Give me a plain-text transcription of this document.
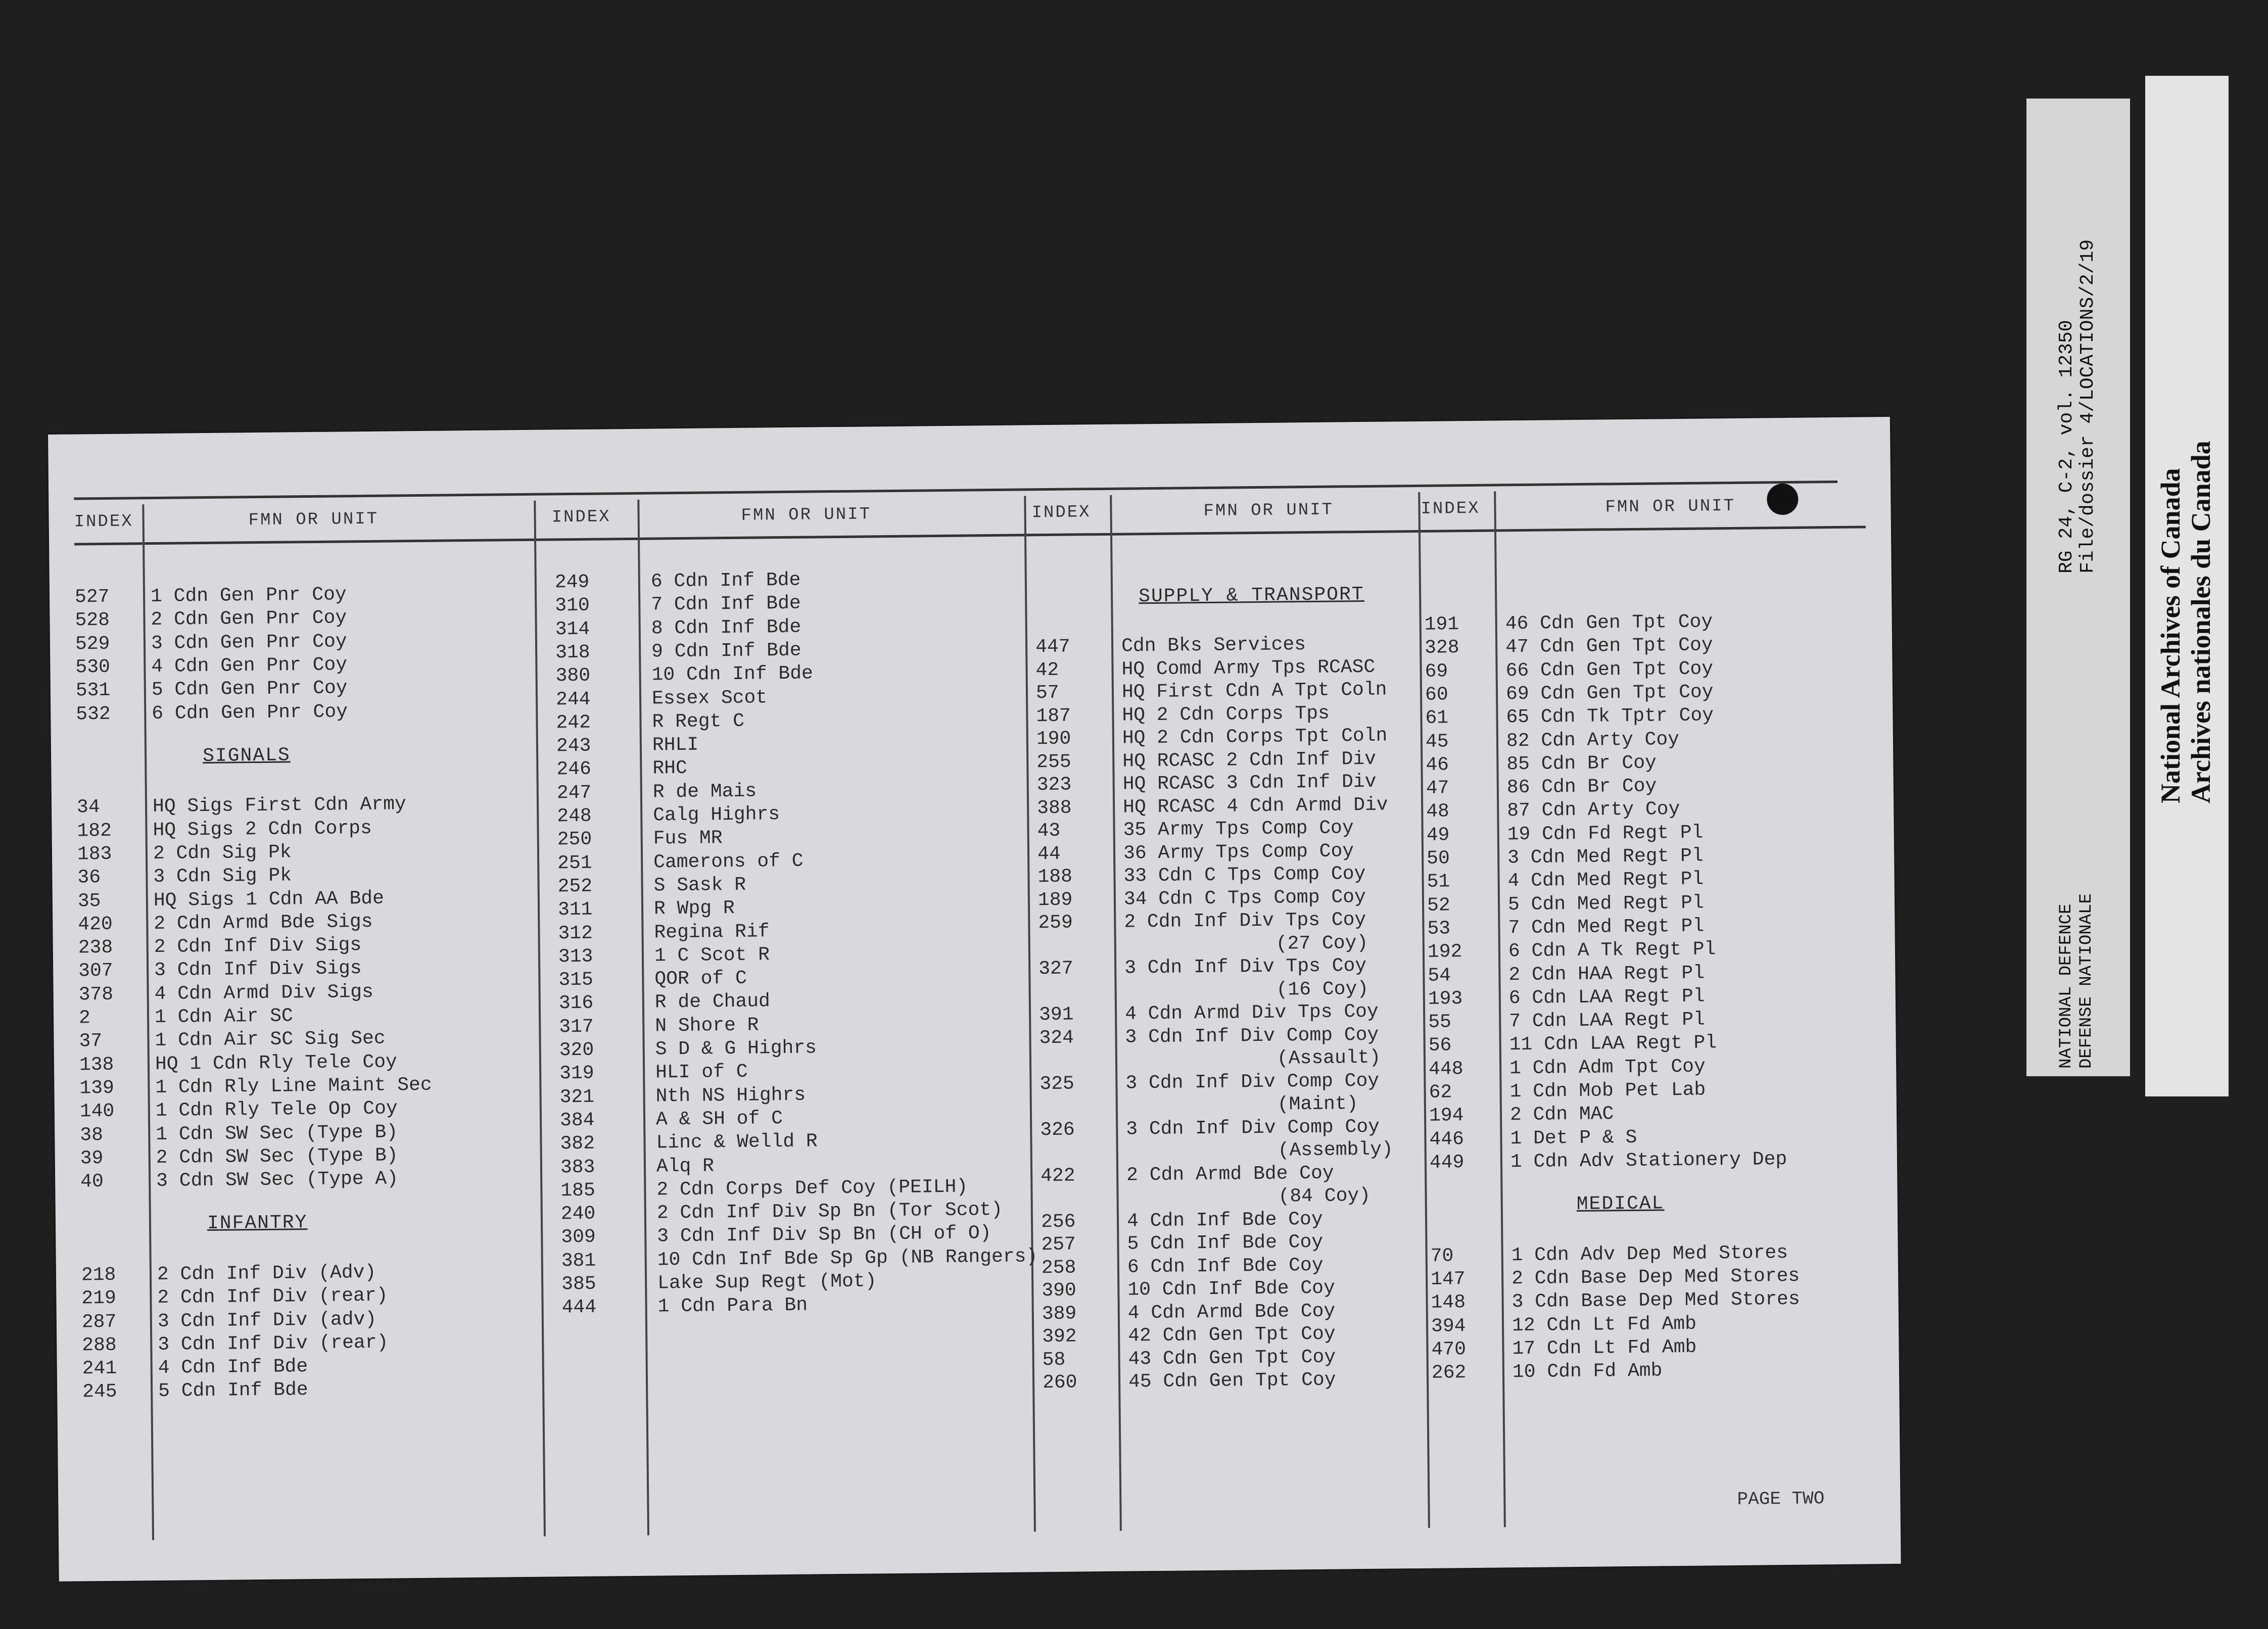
INDEX	FMN OR UNIT	INDEX	FMN OR UNIT	INDEX	FMN OR UNIT	INDEX	FMN OR UNIT
527 1 Cdn Gen Pnr Coy
528 2 Cdn Gen Pnr Coy
529 3 Cdn Gen Pnr Coy
530 4 Cdn Gen Pnr Coy
531 5 Cdn Gen Pnr Coy
532 6 Cdn Gen Pnr Coy
SIGNALS
34	HQ Sigs First Cdn Army
182 HQ Sigs 2 Cdn Corps
183 2 Cdn Sig Pk
36	3 Cdn Sig Pk
35	HQ Sigs 1 Cdn AA Bde
420 2 Cdn Armd Bde Sigs
238 2 Cdn Inf Div Sigs
307 3 Cdn Inf Div Sigs
378 4 Cdn Armd Div Sigs
2	1 Cdn Air SC
37	1 Cdn Air SC Sig Sec
138 HQ 1 Cdn Rly Tele Coy
139 1 Cdn Rly Line Maint Sec
140 1 Cdn Rly Tele Op Coy
38	1 Cdn SW Sec (Type B)
39	2 Cdn SW Sec (Type B)
40	3 Cdn SW Sec (Type A)
INFANTRY
218 2 Cdn Inf Div (Adv)
219 2 Cdn Inf Div (rear)
287 3 Cdn Inf Div (adv)
288 3 Cdn Inf Div (rear)
241 4 Cdn Inf Bde
245 5 Cdn Inf Bde
249	6 Cdn Inf Bde
310	7 Cdn Inf Bde
314	8 Cdn Inf Bde
318	9 Cdn Inf Bde
380	10 Cdn Inf Bde
244	Essex Scot
242	R Regt C
243	RHLI
246	RHC
247	R de Mais
248	Calg Highrs
250	Fus MR
251	Camerons of C
252	S Sask R
311	R Wpg R
312	Regina Rif
313	1 C Scot R
315	QOR of C
316	R de Chaud
317	N Shore R
320	S D & G Highrs
319	HLI of C
321	Nth NS Highrs
384	A & SH of C
382	Linc & Welld R
383	Alq R
185	2 Cdn Corps Def Coy (PEILH)
240	2 Cdn Inf Div Sp Bn (Tor Scot)
309	3 Cdn Inf Div Sp Bn (CH of O)
381	10 Cdn Inf Bde Sp Gp (NB Rangers)
385	Lake Sup Regt (Mot)
444	1 Cdn Para Bn
SUPPLY & TRANSPORT
447	Cdn Bks Services
42	HQ Comd Army Tps RCASC
57	HQ First Cdn A Tpt Coln
187	HQ 2 Cdn Corps Tps
190	HQ 2 Cdn Corps Tpt Coln
255	HQ RCASC 2 Cdn Inf Div
323	HQ RCASC 3 Cdn Inf Div
388	HQ RCASC 4 Cdn Armd Div
43	35 Army Tps Comp Coy
44	36 Army Tps Comp Coy
188	33 Cdn C Tps Comp Coy
189	34 Cdn C Tps Comp Coy
259	2 Cdn Inf Div Tps Coy
(27 Coy)
327	3 Cdn Inf Div Tps Coy
(16 Coy)
391	4 Cdn Armd Div Tps Coy
324	3 Cdn Inf Div Comp Coy
(Assault)
325	3 Cdn Inf Div Comp Coy
(Maint)
326	3 Cdn Inf Div Comp Coy
(Assembly)
422	2 Cdn Armd Bde Coy
(84 Coy)
256	4 Cdn Inf Bde Coy
257	5 Cdn Inf Bde Coy
258	6 Cdn Inf Bde Coy
390	10 Cdn Inf Bde Coy
389	4 Cdn Armd Bde Coy
392	42 Cdn Gen Tpt Coy
58	43 Cdn Gen Tpt Coy
260	45 Cdn Gen Tpt Coy
191 46 Cdn Gen Tpt Coy
328 47 Cdn Gen Tpt Coy
69	66 Cdn Gen Tpt Coy
60	69 Cdn Gen Tpt Coy
61	65 Cdn Tk Tptr Coy
45	82 Cdn Arty Coy
46	85 Cdn Br Coy
47	86 Cdn Br Coy
48	87 Cdn Arty Coy
49	19 Cdn Fd Regt Pl
50	3 Cdn Med Regt Pl
51	4 Cdn Med Regt Pl
52	5 Cdn Med Regt Pl
53	7 Cdn Med Regt Pl
192 6 Cdn A Tk Regt Pl
54	2 Cdn HAA Regt Pl
193 6 Cdn LAA Regt Pl
55	7 Cdn LAA Regt Pl
56	11 Cdn LAA Regt Pl
448 1 Cdn Adm Tpt Coy
62	1 Cdn Mob Pet Lab
194 2 Cdn MAC
446 1 Det P & S
449 1 Cdn Adv Stationery Dep
MEDICAL
70	1 Cdn Adv Dep Med Stores
147 2 Cdn Base Dep Med Stores
148 3 Cdn Base Dep Med Stores
394 12 Cdn Lt Fd Amb
470 17 Cdn Lt Fd Amb
262 10 Cdn Fd Amb
PAGE TWO
RG 24, C-2, vol. 12350 File/dossier 4/LOCATIONS/2/19
NATIONAL DEFENCE DEFENSE NATIONALE
National Archives of Canada Archives nationales du Canada
